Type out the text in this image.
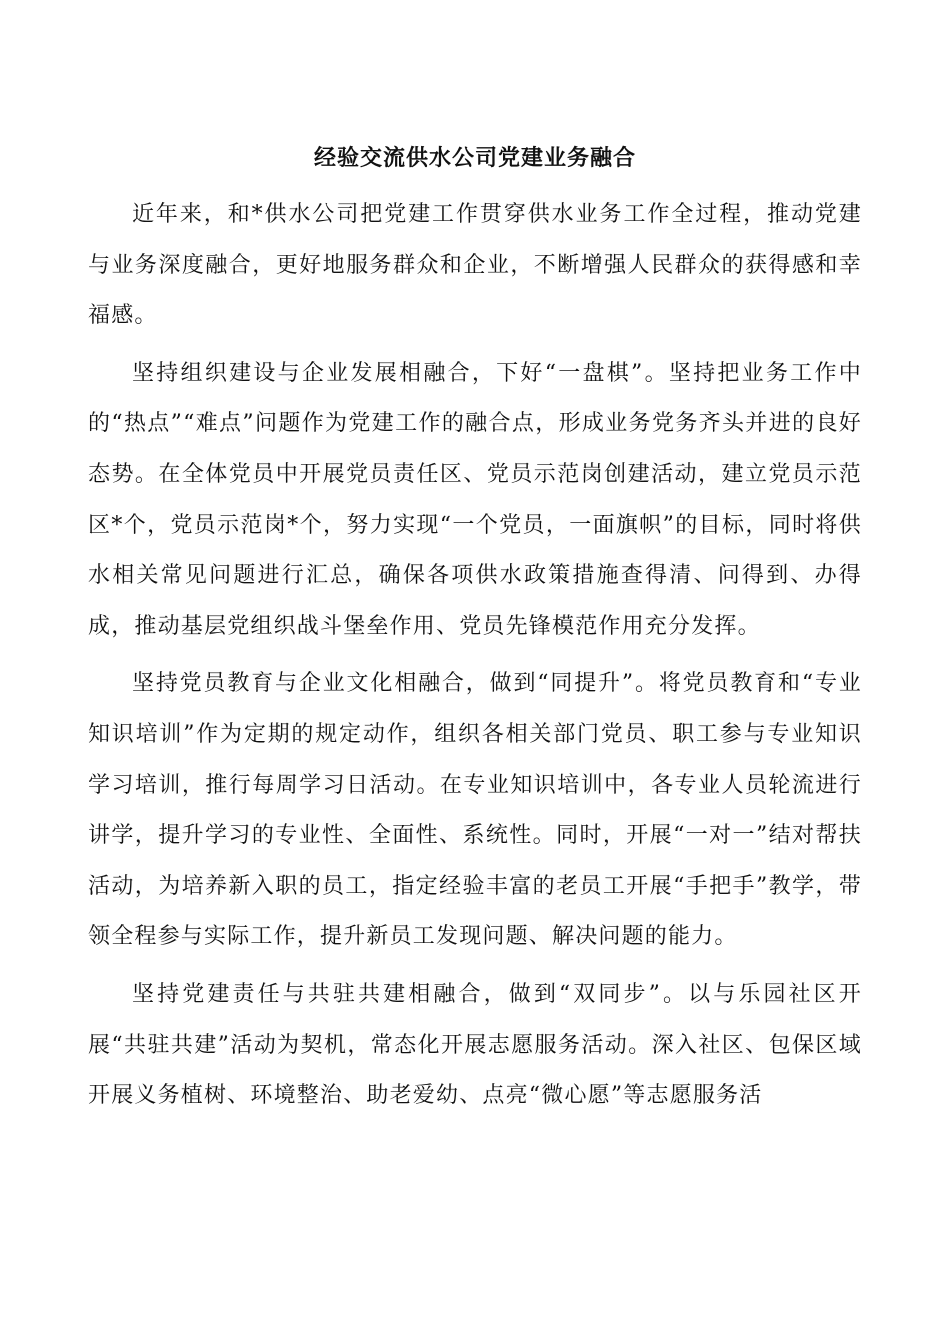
经验交流供水公司党建业务融合

近年来，和*供水公司把党建工作贯穿供水业务工作全过程，推动党建与业务深度融合，更好地服务群众和企业，不断增强人民群众的获得感和幸福感。

坚持组织建设与企业发展相融合，下好“一盘棋”。坚持把业务工作中的“热点”“难点”问题作为党建工作的融合点，形成业务党务齐头并进的良好态势。在全体党员中开展党员责任区、党员示范岗创建活动，建立党员示范区*个，党员示范岗*个，努力实现“一个党员，一面旗帜”的目标，同时将供水相关常见问题进行汇总，确保各项供水政策措施查得清、问得到、办得成，推动基层党组织战斗堡垒作用、党员先锋模范作用充分发挥。

坚持党员教育与企业文化相融合，做到“同提升”。将党员教育和“专业知识培训”作为定期的规定动作，组织各相关部门党员、职工参与专业知识学习培训，推行每周学习日活动。在专业知识培训中，各专业人员轮流进行讲学，提升学习的专业性、全面性、系统性。同时，开展“一对一”结对帮扶活动，为培养新入职的员工，指定经验丰富的老员工开展“手把手”教学，带领全程参与实际工作，提升新员工发现问题、解决问题的能力。

坚持党建责任与共驻共建相融合，做到“双同步”。以与乐园社区开展“共驻共建”活动为契机，常态化开展志愿服务活动。深入社区、包保区域开展义务植树、环境整治、助老爱幼、点亮“微心愿”等志愿服务活
